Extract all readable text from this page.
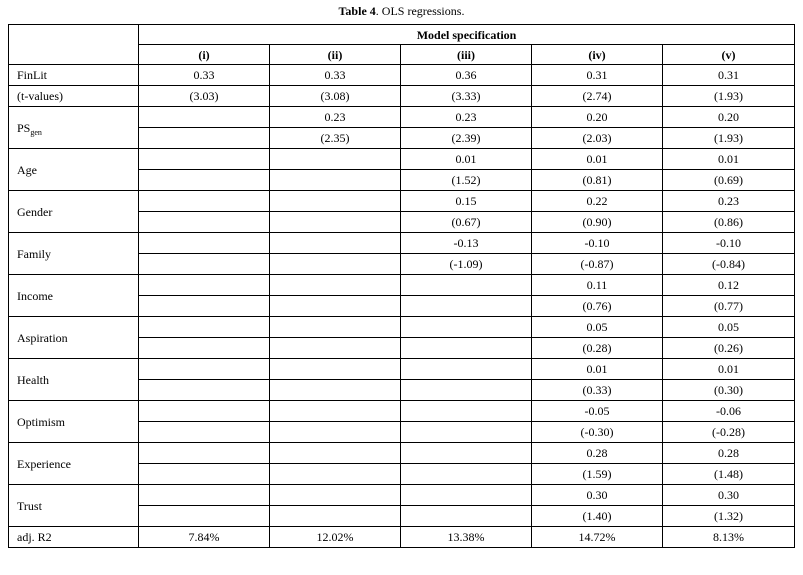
Table 4. OLS regressions.
	Model specification				
	(i)	(ii)	(iii)	(iv)	(v)
FinLit	0.33	0.33	0.36	0.31	0.31
(t-values)	(3.03)	(3.08)	(3.33)	(2.74)	(1.93)
$PS_{gen}$		0.23	0.23	0.20	0.20
		(2.35)	(2.39)	(2.03)	(1.93)
Age			0.01	0.01	0.01
			(1.52)	(0.81)	(0.69)
Gender			0.15	0.22	0.23
			(0.67)	(0.90)	(0.86)
Family			-0.13	-0.10	-0.10
			(-1.09)	(-0.87)	(-0.84)
Income				0.11	0.12
				(0.76)	(0.77)
Aspiration				0.05	0.05
				(0.28)	(0.26)
Health				0.01	0.01
				(0.33)	(0.30)
Optimism				-0.05	-0.06
				(-0.30)	(-0.28)
Experience				0.28	0.28
				(1.59)	(1.48)
Trust				0.30	0.30
				(1.40)	(1.32)
adj. R2	7.84%	12.02%	13.38%	14.72%	8.13%
